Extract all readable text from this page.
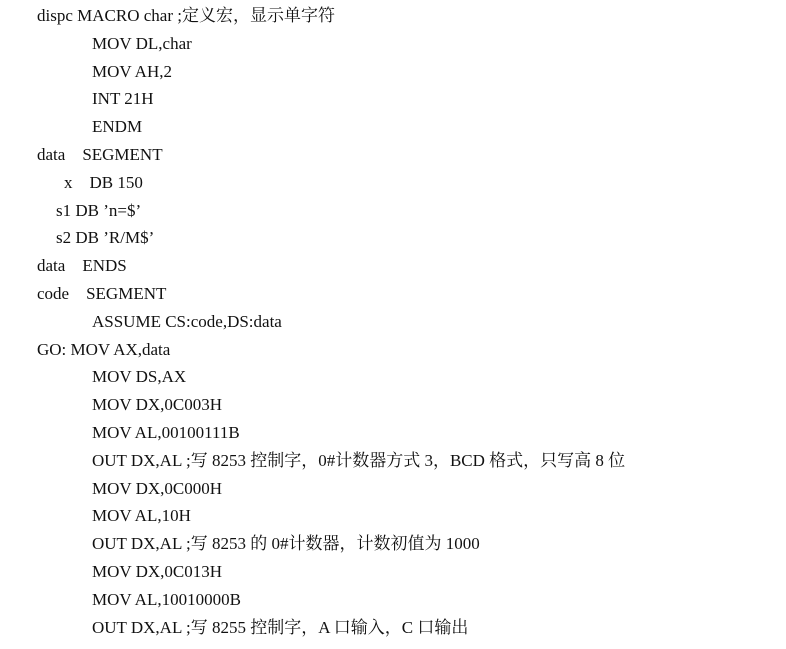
dispc MACRO char ;定义宏，显示单字符
MOV DL,char
MOV AH,2
INT 21H
ENDM
data    SEGMENT
x    DB 150
s1 DB ’n=$’
s2 DB ’R/M$’
data    ENDS
code    SEGMENT
ASSUME CS:code,DS:data
GO: MOV AX,data
MOV DS,AX
MOV DX,0C003H
MOV AL,00100111B
OUT DX,AL ;写 8253 控制字，0#计数器方式 3，BCD 格式，只写高 8 位
MOV DX,0C000H
MOV AL,10H
OUT DX,AL ;写 8253 的 0#计数器，计数初值为 1000
MOV DX,0C013H
MOV AL,10010000B
OUT DX,AL ;写 8255 控制字，A 口输入，C 口输出
